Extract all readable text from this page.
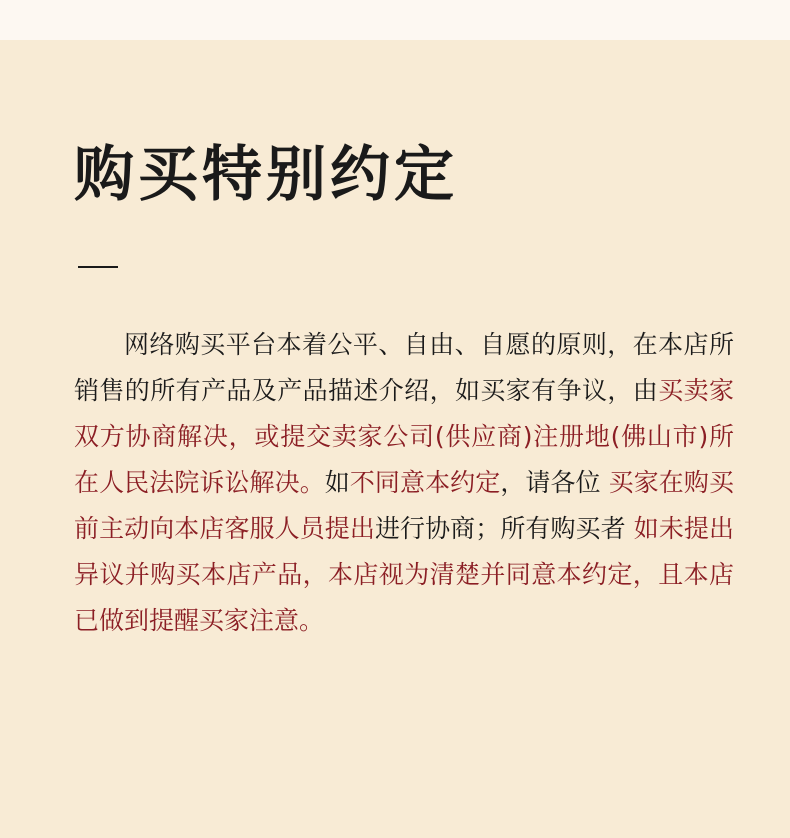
购买特别约定

网络购买平台本着公平、自由、自愿的原则，在本店所销售的所有产品及产品描述介绍，如买家有争议，由买卖家双方协商解决，或提交卖家公司(供应商)注册地(佛山市)所在人民法院诉讼解决。如不同意本约定，请各位 买家在购买前主动向本店客服人员提出进行协商；所有购买者 如未提出异议并购买本店产品，本店视为清楚并同意本约定，且本店已做到提醒买家注意。
